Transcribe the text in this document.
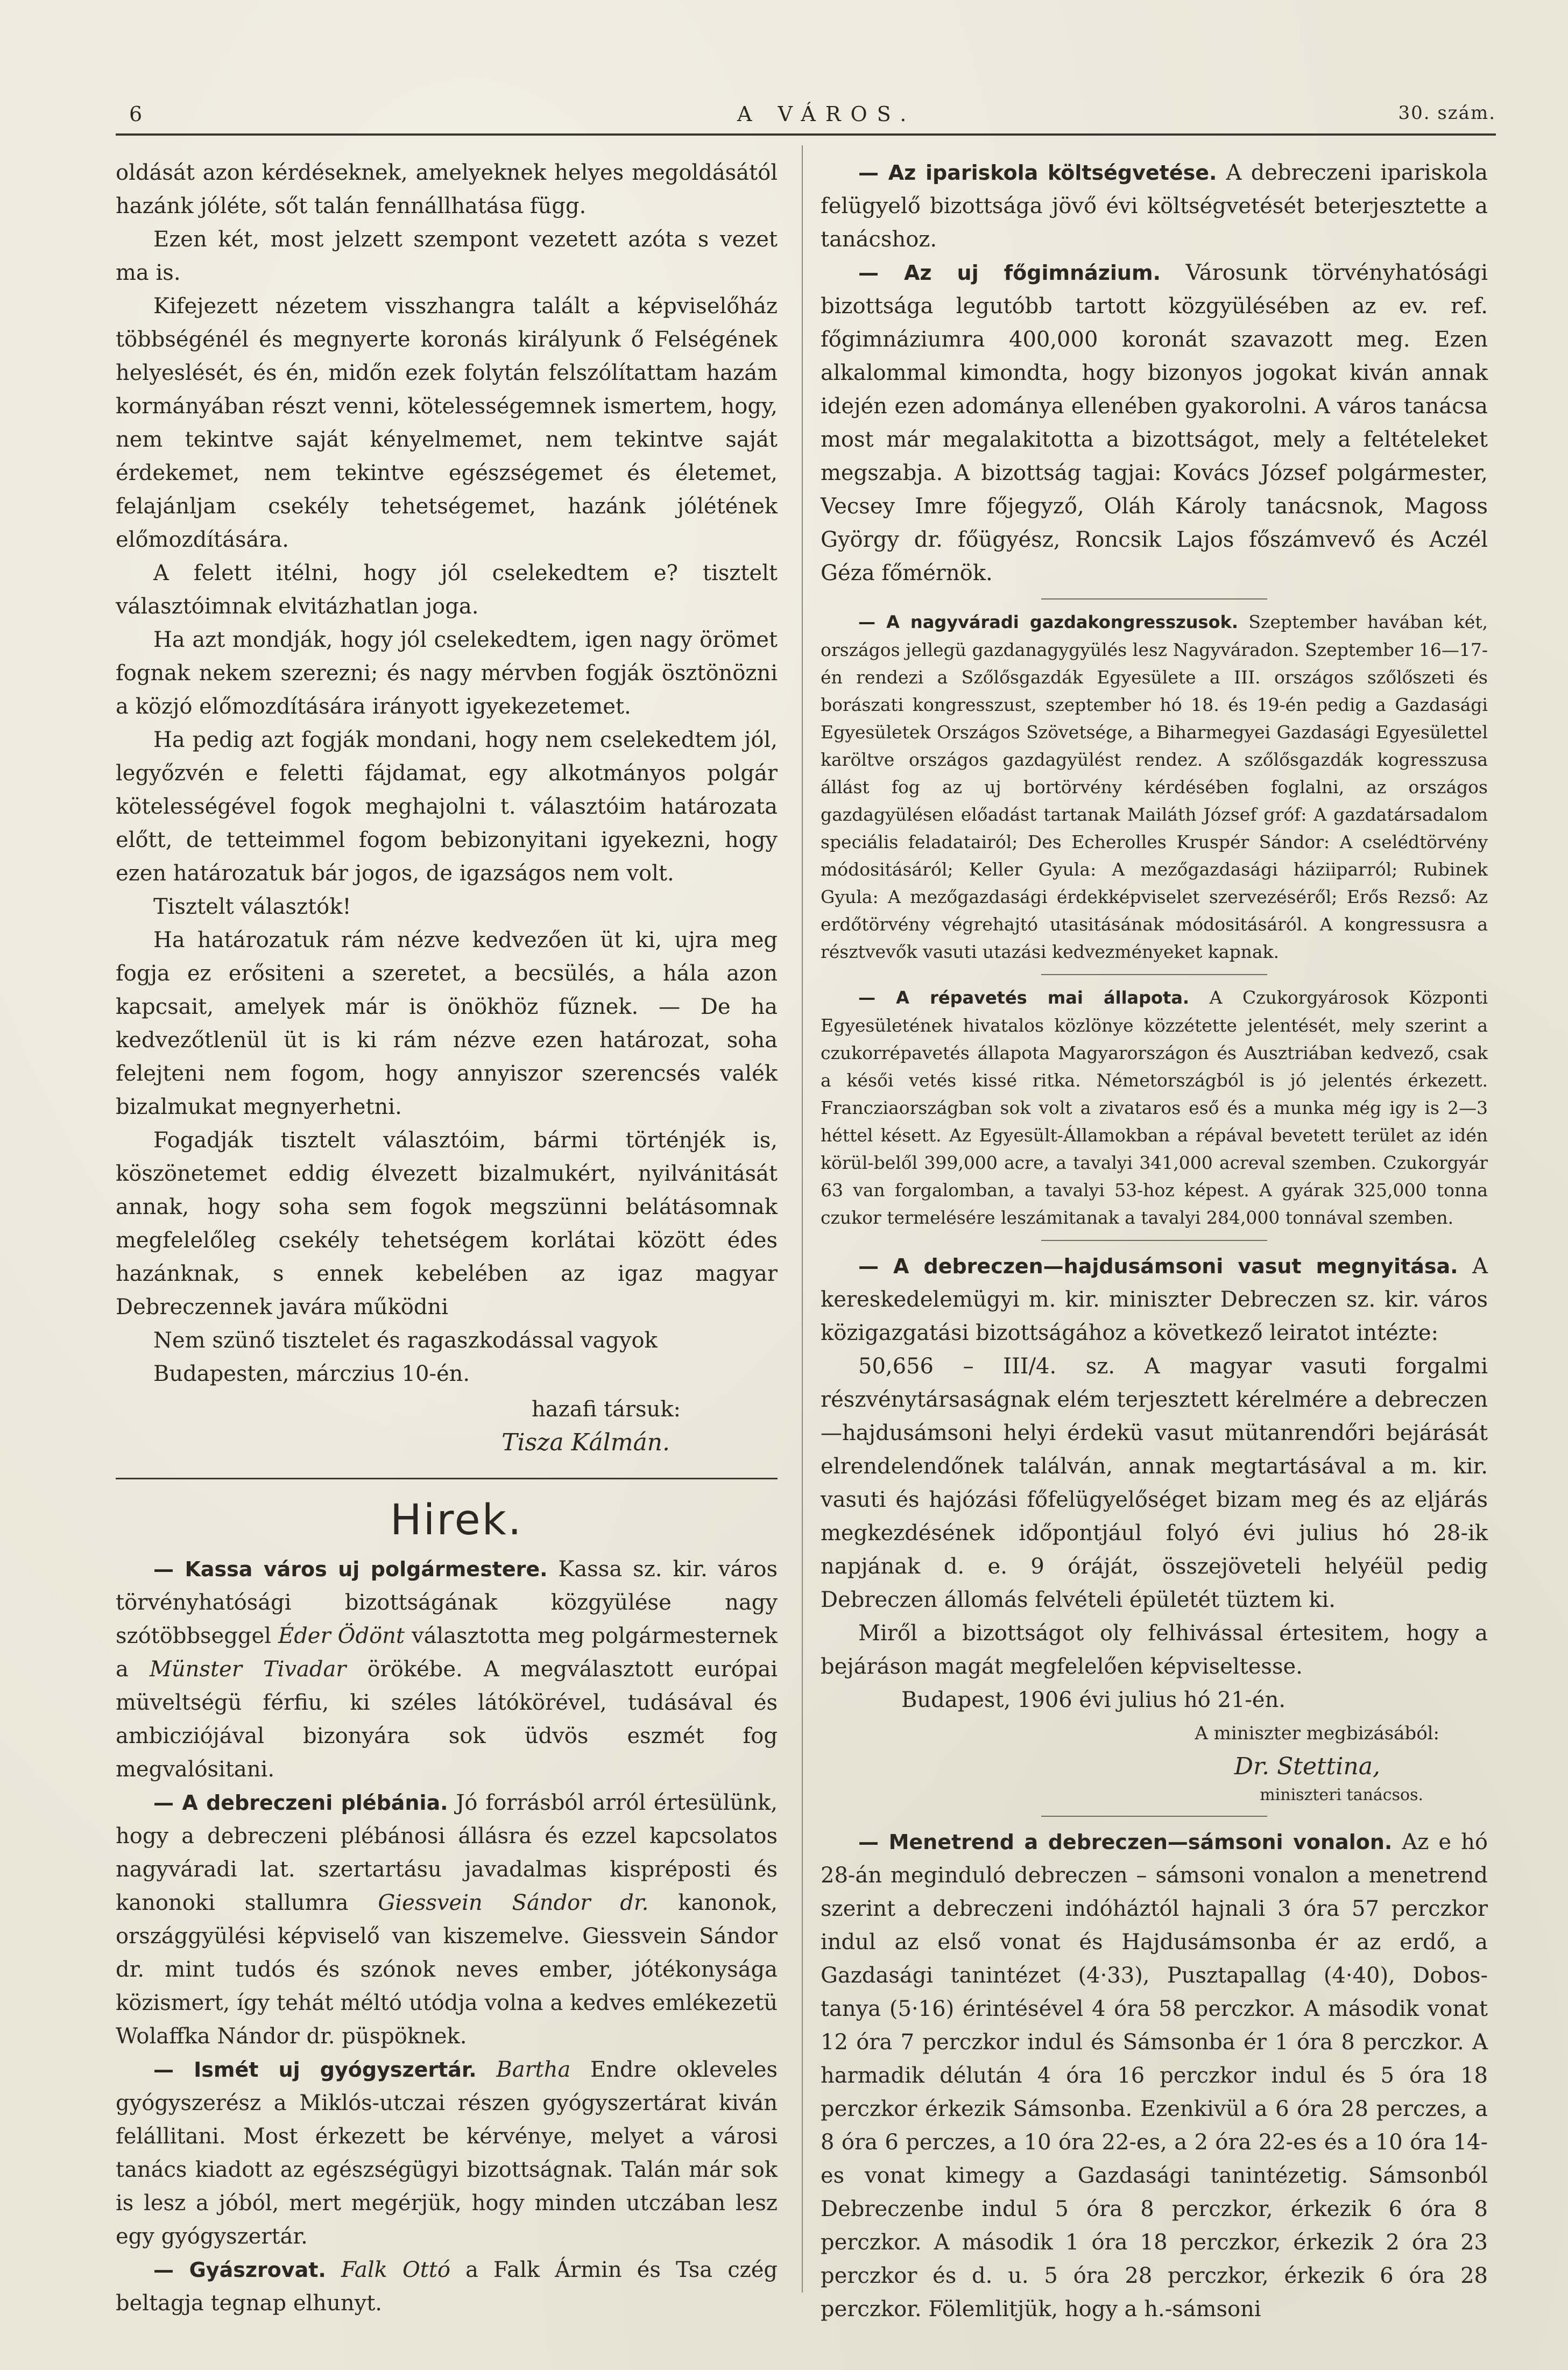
6	A VÁROS.	30. szám.

oldását azon kérdéseknek, amelyeknek helyes megoldásától hazánk jóléte, sőt talán fennállhatása függ.

Ezen két, most jelzett szempont vezetett azóta s vezet ma is.

Kifejezett nézetem visszhangra talált a képviselőház többségénél és megnyerte koronás királyunk ő Felségének helyeslését, és én, midőn ezek folytán felszólítattam hazám kormányában részt venni, kötelességemnek ismertem, hogy, nem tekintve saját kényelmemet, nem tekintve saját érdekemet, nem tekintve egészségemet és életemet, felajánljam csekély tehetségemet, hazánk jólétének előmozdítására.

A felett itélni, hogy jól cselekedtem e? tisztelt választóimnak elvitázhatlan joga.

Ha azt mondják, hogy jól cselekedtem, igen nagy örömet fognak nekem szerezni; és nagy mérvben fogják ösztönözni a közjó előmozdítására irányott igyekezetemet.

Ha pedig azt fogják mondani, hogy nem cselekedtem jól, legyőzvén e feletti fájdamat, egy alkotmányos polgár kötelességével fogok meghajolni t. választóim határozata előtt, de tetteimmel fogom bebizonyitani igyekezni, hogy ezen határozatuk bár jogos, de igazságos nem volt.

Tisztelt választók!

Ha határozatuk rám nézve kedvezően üt ki, ujra meg fogja ez erősiteni a szeretet, a becsülés, a hála azon kapcsait, amelyek már is önökhöz fűznek. — De ha kedvezőtlenül üt is ki rám nézve ezen határozat, soha felejteni nem fogom, hogy annyiszor szerencsés valék bizalmukat megnyerhetni.

Fogadják tisztelt választóim, bármi történjék is, köszönetemet eddig élvezett bizalmukért, nyilvánitását annak, hogy soha sem fogok megszünni belátásomnak megfelelőleg csekély tehetségem korlátai között édes hazánknak, s ennek kebelében az igaz magyar Debreczennek javára működni

Nem szünő tisztelet és ragaszkodással vagyok

Budapesten, márczius 10-én.

hazafi társuk:
Tisza Kálmán.
Hirek.

— Kassa város uj polgármestere. Kassa sz. kir. város törvényhatósági bizottságának közgyülése nagy szótöbbseggel Éder Ödönt választotta meg polgármesternek a Münster Tivadar örökébe. A megválasztott európai müveltségü férfiu, ki széles látókörével, tudásával és ambicziójával bizonyára sok üdvös eszmét fog megvalósitani.

— A debreczeni plébánia. Jó forrásból arról értesülünk, hogy a debreczeni plébánosi állásra és ezzel kapcsolatos nagyváradi lat. szertartásu javadalmas kispréposti és kanonoki stallumra Giessvein Sándor dr. kanonok, országgyülési képviselő van kiszemelve. Giessvein Sándor dr. mint tudós és szónok neves ember, jótékonysága közismert, így tehát méltó utódja volna a kedves emlékezetü Wolaffka Nándor dr. püspöknek.

— Ismét uj gyógyszertár. Bartha Endre okleveles gyógyszerész a Miklós-utczai részen gyógyszertárat kiván felállitani. Most érkezett be kérvénye, melyet a városi tanács kiadott az egészségügyi bizottságnak. Talán már sok is lesz a jóból, mert megérjük, hogy minden utczában lesz egy gyógyszertár.

— Gyászrovat. Falk Ottó a Falk Ármin és Tsa czég beltagja tegnap elhunyt.

— Az ipariskola költségvetése. A debreczeni ipariskola felügyelő bizottsága jövő évi költségvetését beterjesztette a tanácshoz.

— Az uj főgimnázium. Városunk törvényhatósági bizottsága legutóbb tartott közgyülésében az ev. ref. főgimnáziumra 400,000 koronát szavazott meg. Ezen alkalommal kimondta, hogy bizonyos jogokat kiván annak idején ezen adománya ellenében gyakorolni. A város tanácsa most már megalakitotta a bizottságot, mely a feltételeket megszabja. A bizottság tagjai: Kovács József polgármester, Vecsey Imre főjegyző, Oláh Károly tanácsnok, Magoss György dr. főügyész, Roncsik Lajos főszámvevő és Aczél Géza főmérnök.

— A nagyváradi gazdakongresszusok. Szeptember havában két, országos jellegü gazdanagygyülés lesz Nagyváradon. Szeptember 16—17-én rendezi a Szőlősgazdák Egyesülete a III. országos szőlőszeti és borászati kongresszust, szeptember hó 18. és 19-én pedig a Gazdasági Egyesületek Országos Szövetsége, a Biharmegyei Gazdasági Egyesülettel karöltve országos gazdagyülést rendez. A szőlősgazdák kogresszusa állást fog az uj bortörvény kérdésében foglalni, az országos gazdagyülésen előadást tartanak Mailáth József gróf: A gazdatársadalom speciális feladatairól; Des Echerolles Kruspér Sándor: A cselédtörvény módositásáról; Keller Gyula: A mezőgazdasági háziiparról; Rubinek Gyula: A mezőgazdasági érdekképviselet szervezéséről; Erős Rezső: Az erdőtörvény végrehajtó utasitásának módositásáról. A kongressusra a résztvevők vasuti utazási kedvezményeket kapnak.

— A répavetés mai állapota. A Czukorgyárosok Központi Egyesületének hivatalos közlönye közzétette jelentését, mely szerint a czukorrépavetés állapota Magyarországon és Ausztriában kedvező, csak a késői vetés kissé ritka. Németországból is jó jelentés érkezett. Francziaországban sok volt a zivataros eső és a munka még igy is 2—3 héttel késett. Az Egyesült-Államokban a répával bevetett terület az idén körül-belől 399,000 acre, a tavalyi 341,000 acreval szemben. Czukorgyár 63 van forgalomban, a tavalyi 53-hoz képest. A gyárak 325,000 tonna czukor termelésére leszámitanak a tavalyi 284,000 tonnával szemben.

— A debreczen—hajdusámsoni vasut megnyitása. A kereskedelemügyi m. kir. miniszter Debreczen sz. kir. város közigazgatási bizottságához a következő leiratot intézte:

50,656 – III/4. sz. A magyar vasuti forgalmi részvénytársaságnak elém terjesztett kérelmére a debreczen—hajdusámsoni helyi érdekü vasut mütanrendőri bejárását elrendelendőnek találván, annak megtartásával a m. kir. vasuti és hajózási főfelügyelőséget bizam meg és az eljárás megkezdésének időpontjául folyó évi julius hó 28-ik napjának d. e. 9 óráját, összejöveteli helyéül pedig Debreczen állomás felvételi épületét tüztem ki.

Miről a bizottságot oly felhivással értesitem, hogy a bejáráson magát megfelelően képviseltesse.

Budapest, 1906 évi julius hó 21-én.
A miniszter megbizásából:
Dr. Stettina,
miniszteri tanácsos.

— Menetrend a debreczen—sámsoni vonalon. Az e hó 28-án meginduló debreczen – sámsoni vonalon a menetrend szerint a debreczeni indóháztól hajnali 3 óra 57 perczkor indul az első vonat és Hajdusámsonba ér az erdő, a Gazdasági tanintézet (4·33), Pusztapallag (4·40), Dobos-tanya (5·16) érintésével 4 óra 58 perczkor. A második vonat 12 óra 7 perczkor indul és Sámsonba ér 1 óra 8 perczkor. A harmadik délután 4 óra 16 perczkor indul és 5 óra 18 perczkor érkezik Sámsonba. Ezenkivül a 6 óra 28 perczes, a 8 óra 6 perczes, a 10 óra 22-es, a 2 óra 22-es és a 10 óra 14-es vonat kimegy a Gazdasági tanintézetig. Sámsonból Debreczenbe indul 5 óra 8 perczkor, érkezik 6 óra 8 perczkor. A második 1 óra 18 perczkor, érkezik 2 óra 23 perczkor és d. u. 5 óra 28 perczkor, érkezik 6 óra 28 perczkor. Fölemlitjük, hogy a h.-sámsoni
